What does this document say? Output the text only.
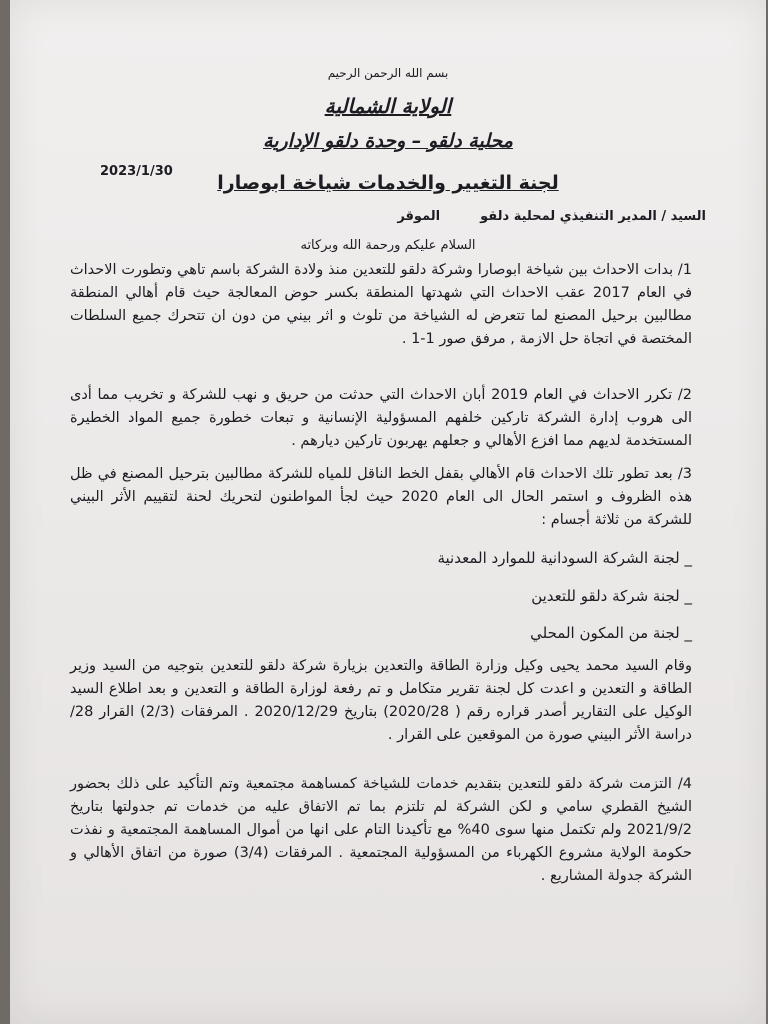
بسم الله الرحمن الرحيم

الولاية الشمالية

محلية دلقو – وحدة دلقو الإدارية

لجنة التغيير والخدمات شياخة ابوصارا

2023/1/30

السيد / المدير التنفيذي لمحلية دلقوالموقر

السلام عليكم ورحمة الله وبركاته

1/ بدات الاحداث بين شياخة ابوصارا وشركة دلقو للتعدين منذ ولادة الشركة باسم تاهي وتطورت الاحداث في العام 2017 عقب الاحداث التي شهدتها المنطقة بكسر حوض المعالجة حيث قام أهالي المنطقة مطالبين برحيل المصنع لما تتعرض له الشياخة من تلوث و اثر بيني من دون ان تتحرك جميع السلطات المختصة في اتجاة حل الازمة , مرفق صور 1-1 .

2/ تكرر الاحداث في العام 2019 أبان الاحداث التي حدثت من حريق و نهب للشركة و تخريب مما أدى الى هروب إدارة الشركة تاركين خلفهم المسؤولية الإنسانية و تبعات خطورة جميع المواد الخطيرة المستخدمة لديهم مما افزع الأهالي و جعلهم يهربون تاركين ديارهم .

3/ بعد تطور تلك الاحداث قام الأهالي بقفل الخط الناقل للمياه للشركة مطالبين بترحيل المصنع في ظل هذه الظروف و استمر الحال الى العام 2020 حيث لجأ المواطنون لتحريك لحنة لتقييم الأثر البيني للشركة من ثلاثة أجسام :

_ لجنة الشركة السودانية للموارد المعدنية

_ لجنة شركة دلقو للتعدين

_ لجنة من المكون المحلي

وقام السيد محمد يحيى وكيل وزارة الطاقة والتعدين بزيارة شركة دلقو للتعدين بتوجيه من السيد وزير الطاقة و التعدين و اعدت كل لجنة تقرير متكامل و تم رفعة لوزارة الطاقة و التعدين و بعد اطلاع السيد الوكيل على التقارير أصدر قراره رقم ( 2020/28) بتاريخ 2020/12/29 . المرفقات (2/3) القرار 28/ دراسة الأثر البيني صورة من الموقعين على القرار .

4/ التزمت شركة دلقو للتعدين بتقديم خدمات للشياخة كمساهمة مجتمعية وتم التأكيد على ذلك بحضور الشيخ القطري سامي و لكن الشركة لم تلتزم بما تم الاتفاق عليه من خدمات تم جدولتها بتاريخ 2021/9/2 ولم تكتمل منها سوى 40% مع تأكيدنا التام على انها من أموال المساهمة المجتمعية و نفذت حكومة الولاية مشروع الكهرباء من المسؤولية المجتمعية . المرفقات (3/4) صورة من اتفاق الأهالي و الشركة جدولة المشاريع .
